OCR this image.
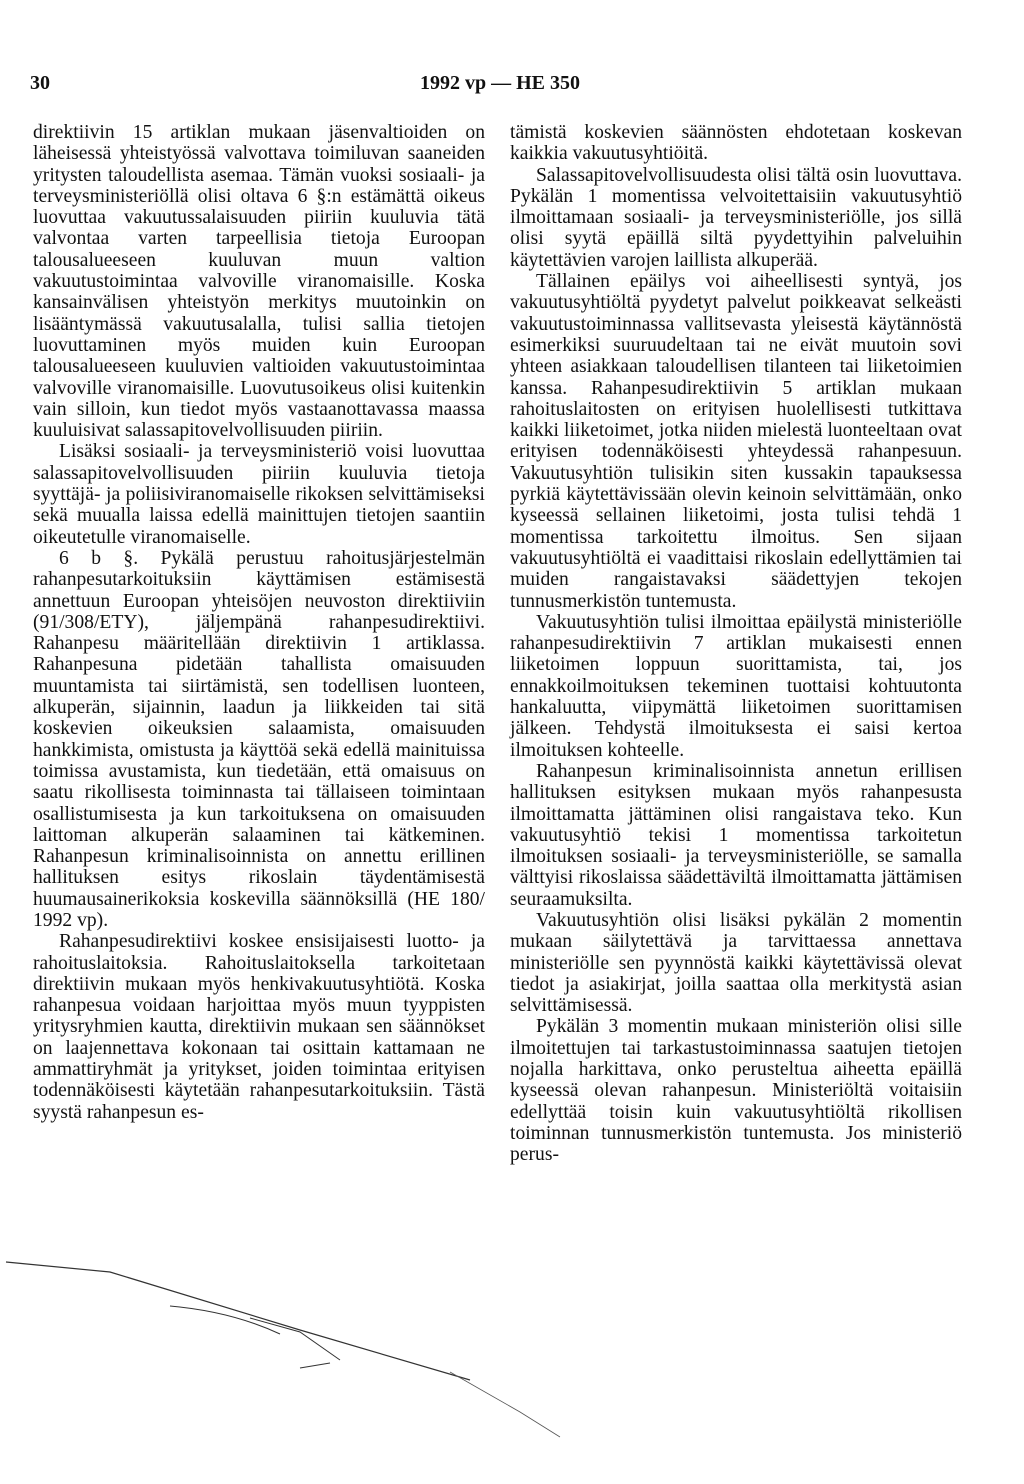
30	1992 vp — HE 350

direktiivin 15 artiklan mukaan jäsenvaltioiden on läheisessä yhteistyössä valvottava toimiluvan saaneiden yritysten taloudellista asemaa. Tämän vuoksi sosiaali- ja terveysministeriöllä olisi oltava 6 §:n estämättä oikeus luovuttaa vakuutussalaisuuden piiriin kuuluvia tätä valvontaa varten tarpeellisia tietoja Euroopan talousalueeseen kuuluvan muun valtion vakuutustoimintaa valvoville viranomaisille. Koska kansainvälisen yhteistyön merkitys muutoinkin on lisääntymässä vakuutusalalla, tulisi sallia tietojen luovuttaminen myös muiden kuin Euroopan talousalueeseen kuuluvien valtioiden vakuutustoimintaa valvoville viranomaisille. Luovutusoikeus olisi kuitenkin vain silloin, kun tiedot myös vastaanottavassa maassa kuuluisivat salassapitovelvollisuuden piiriin.

Lisäksi sosiaali- ja terveysministeriö voisi luovuttaa salassapitovelvollisuuden piiriin kuuluvia tietoja syyttäjä- ja poliisiviranomaiselle rikoksen selvittämiseksi sekä muualla laissa edellä mainittujen tietojen saantiin oikeutetulle viranomaiselle.

6 b §. Pykälä perustuu rahoitusjärjestelmän rahanpesutarkoituksiin käyttämisen estämisestä annettuun Euroopan yhteisöjen neuvoston direktiiviin (91/308/ETY), jäljempänä rahanpesudirektiivi. Rahanpesu määritellään direktiivin 1 artiklassa. Rahanpesuna pidetään tahallista omaisuuden muuntamista tai siirtämistä, sen todellisen luonteen, alkuperän, sijainnin, laadun ja liikkeiden tai sitä koskevien oikeuksien salaamista, omaisuuden hankkimista, omistusta ja käyttöä sekä edellä mainituissa toimissa avustamista, kun tiedetään, että omaisuus on saatu rikollisesta toiminnasta tai tällaiseen toimintaan osallistumisesta ja kun tarkoituksena on omaisuuden laittoman alkuperän salaaminen tai kätkeminen. Rahanpesun kriminalisoinnista on annettu erillinen hallituksen esitys rikoslain täydentämisestä huumausainerikoksia koskevilla säännöksillä (HE 180/ 1992 vp).

Rahanpesudirektiivi koskee ensisijaisesti luotto- ja rahoituslaitoksia. Rahoituslaitoksella tarkoitetaan direktiivin mukaan myös henkivakuutusyhtiötä. Koska rahanpesua voidaan harjoittaa myös muun tyyppisten yritysryhmien kautta, direktiivin mukaan sen säännökset on laajennettava kokonaan tai osittain kattamaan ne ammattiryhmät ja yritykset, joiden toimintaa erityisen todennäköisesti käytetään rahanpesutarkoituksiin. Tästä syystä rahanpesun es-

tämistä koskevien säännösten ehdotetaan koskevan kaikkia vakuutusyhtiöitä.

Salassapitovelvollisuudesta olisi tältä osin luovuttava. Pykälän 1 momentissa velvoitettaisiin vakuutusyhtiö ilmoittamaan sosiaali- ja terveysministeriölle, jos sillä olisi syytä epäillä siltä pyydettyihin palveluihin käytettävien varojen laillista alkuperää.

Tällainen epäilys voi aiheellisesti syntyä, jos vakuutusyhtiöltä pyydetyt palvelut poikkeavat selkeästi vakuutustoiminnassa vallitsevasta yleisestä käytännöstä esimerkiksi suuruudeltaan tai ne eivät muutoin sovi yhteen asiakkaan taloudellisen tilanteen tai liiketoimien kanssa. Rahanpesudirektiivin 5 artiklan mukaan rahoituslaitosten on erityisen huolellisesti tutkittava kaikki liiketoimet, jotka niiden mielestä luonteeltaan ovat erityisen todennäköisesti yhteydessä rahanpesuun. Vakuutusyhtiön tulisikin siten kussakin tapauksessa pyrkiä käytettävissään olevin keinoin selvittämään, onko kyseessä sellainen liiketoimi, josta tulisi tehdä 1 momentissa tarkoitettu ilmoitus. Sen sijaan vakuutusyhtiöltä ei vaadittaisi rikoslain edellyttämien tai muiden rangaistavaksi säädettyjen tekojen tunnusmerkistön tuntemusta.

Vakuutusyhtiön tulisi ilmoittaa epäilystä ministeriölle rahanpesudirektiivin 7 artiklan mukaisesti ennen liiketoimen loppuun suorittamista, tai, jos ennakkoilmoituksen tekeminen tuottaisi kohtuutonta hankaluutta, viipymättä liiketoimen suorittamisen jälkeen. Tehdystä ilmoituksesta ei saisi kertoa ilmoituksen kohteelle.

Rahanpesun kriminalisoinnista annetun erillisen hallituksen esityksen mukaan myös rahanpesusta ilmoittamatta jättäminen olisi rangaistava teko. Kun vakuutusyhtiö tekisi 1 momentissa tarkoitetun ilmoituksen sosiaali- ja terveysministeriölle, se samalla välttyisi rikoslaissa säädettäviltä ilmoittamatta jättämisen seuraamuksilta.

Vakuutusyhtiön olisi lisäksi pykälän 2 momentin mukaan säilytettävä ja tarvittaessa annettava ministeriölle sen pyynnöstä kaikki käytettävissä olevat tiedot ja asiakirjat, joilla saattaa olla merkitystä asian selvittämisessä.

Pykälän 3 momentin mukaan ministeriön olisi sille ilmoitettujen tai tarkastustoiminnassa saatujen tietojen nojalla harkittava, onko perusteltua aiheetta epäillä kyseessä olevan rahanpesun. Ministeriöltä voitaisiin edellyttää toisin kuin vakuutusyhtiöltä rikollisen toiminnan tunnusmerkistön tuntemusta. Jos ministeriö perus-
